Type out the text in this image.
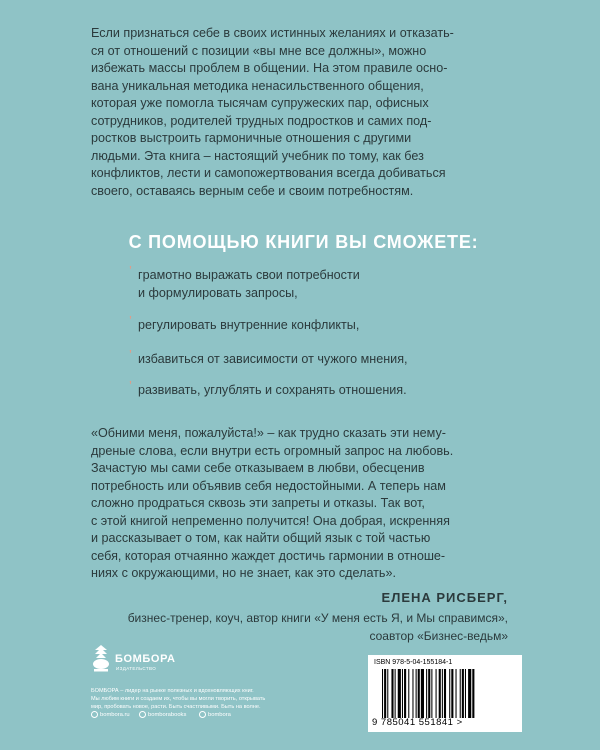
Если признаться себе в своих истинных желаниях и отказать-
ся от отношений с позиции «вы мне все должны», можно
избежать массы проблем в общении. На этом правиле осно-
вана уникальная методика ненасильственного общения,
которая уже помогла тысячам супружеских пар, офисных
сотрудников, родителей трудных подростков и самих под-
ростков выстроить гармоничные отношения с другими
людьми. Эта книга – настоящий учебник по тому, как без
конфликтов, лести и самопожертвования всегда добиваться
своего, оставаясь верным себе и своим потребностям.

С ПОМОЩЬЮ КНИГИ ВЫ СМОЖЕТЕ:
’ грамотно выражать свои потребности
и формулировать запросы,
’ регулировать внутренние конфликты,
’ избавиться от зависимости от чужого мнения,
’ развивать, углублять и сохранять отношения.

«Обними меня, пожалуйста!» – как трудно сказать эти нему-
дреные слова, если внутри есть огромный запрос на любовь.
Зачастую мы сами себе отказываем в любви, обесценив
потребность или объявив себя недостойными. А теперь нам
сложно продраться сквозь эти запреты и отказы. Так вот,
с этой книгой непременно получится! Она добрая, искренняя
и рассказывает о том, как найти общий язык с той частью
себя, которая отчаянно жаждет достичь гармонии в отноше-
ниях с окружающими, но не знает, как это сделать».

ЕЛЕНА РИСБЕРГ,

бизнес-тренер, коуч, автор книги «У меня есть Я, и Мы справимся»,
соавтор «Бизнес-ведьм»

БОМБОРА
ИЗДАТЕЛЬСТВО

БОМБОРА – лидер на рынке полезных и вдохновляющих книг.
Мы любим книги и создаем их, чтобы вы могли творить, открывать
мир, пробовать новое, расти. Быть счастливыми. Быть на волне.

bombora.ru	bomborabooks	bombora
ISBN 978-5-04-155184-1
9 785041 551841 >
